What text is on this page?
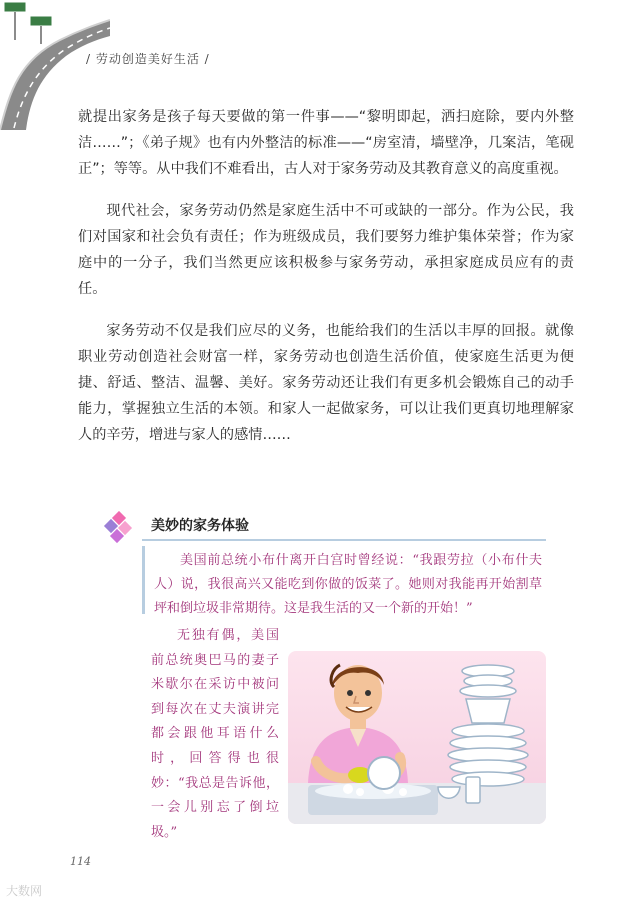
/ 劳动创造美好生活 /

就提出家务是孩子每天要做的第一件事——“黎明即起，洒扫庭除，要内外整洁……”；《弟子规》也有内外整洁的标准——“房室清，墙壁净，几案洁，笔砚正”；等等。从中我们不难看出，古人对于家务劳动及其教育意义的高度重视。

现代社会，家务劳动仍然是家庭生活中不可或缺的一部分。作为公民，我们对国家和社会负有责任；作为班级成员，我们要努力维护集体荣誉；作为家庭中的一分子，我们当然更应该积极参与家务劳动，承担家庭成员应有的责任。

家务劳动不仅是我们应尽的义务，也能给我们的生活以丰厚的回报。就像职业劳动创造社会财富一样，家务劳动也创造生活价值，使家庭生活更为便捷、舒适、整洁、温馨、美好。家务劳动还让我们有更多机会锻炼自己的动手能力，掌握独立生活的本领。和家人一起做家务，可以让我们更真切地理解家人的辛劳，增进与家人的感情……

美妙的家务体验
美国前总统小布什离开白宫时曾经说：“我跟劳拉（小布什夫人）说，我很高兴又能吃到你做的饭菜了。她则对我能再开始割草坪和倒垃圾非常期待。这是我生活的又一个新的开始！”
无独有偶，美国前总统奥巴马的妻子米歇尔在采访中被问到每次在丈夫演讲完都会跟他耳语什么时，回答得也很妙：“我总是告诉他，一会儿别忘了倒垃圾。”
114
大数网
